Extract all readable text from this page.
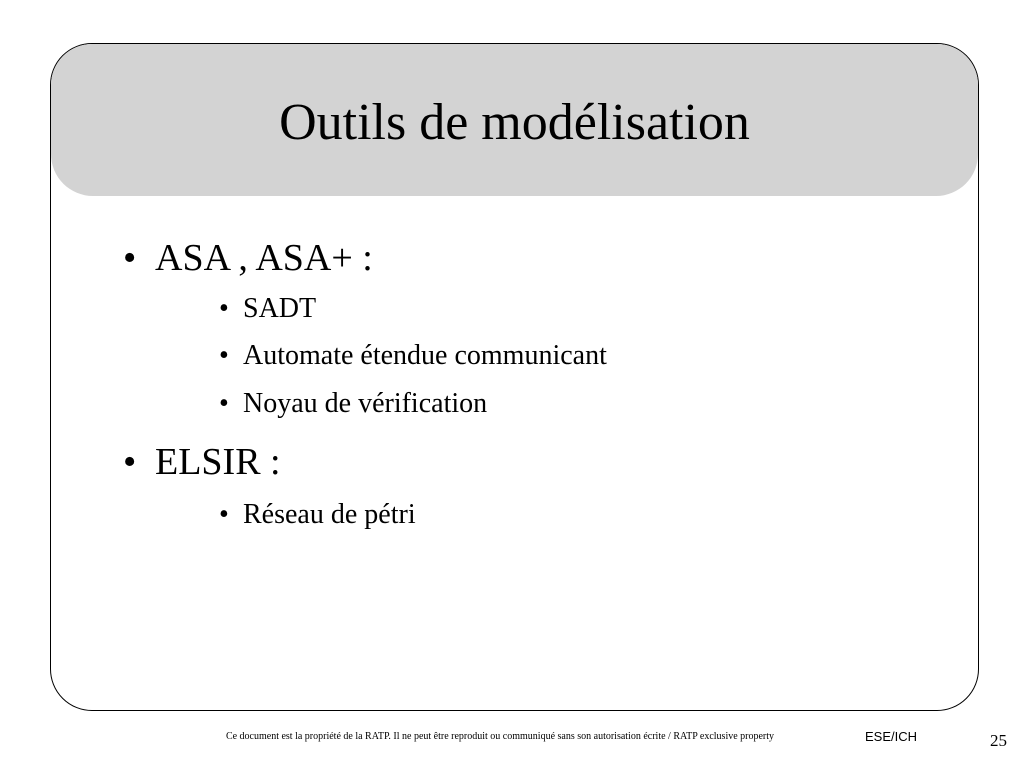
Outils de modélisation
• ASA , ASA+ :
• SADT
• Automate étendue communicant
• Noyau de vérification
• ELSIR :
• Réseau de pétri
Ce document est la propriété de la RATP. Il ne peut être reproduit ou communiqué sans son autorisation écrite / RATP exclusive property	ESE/ICH	25
